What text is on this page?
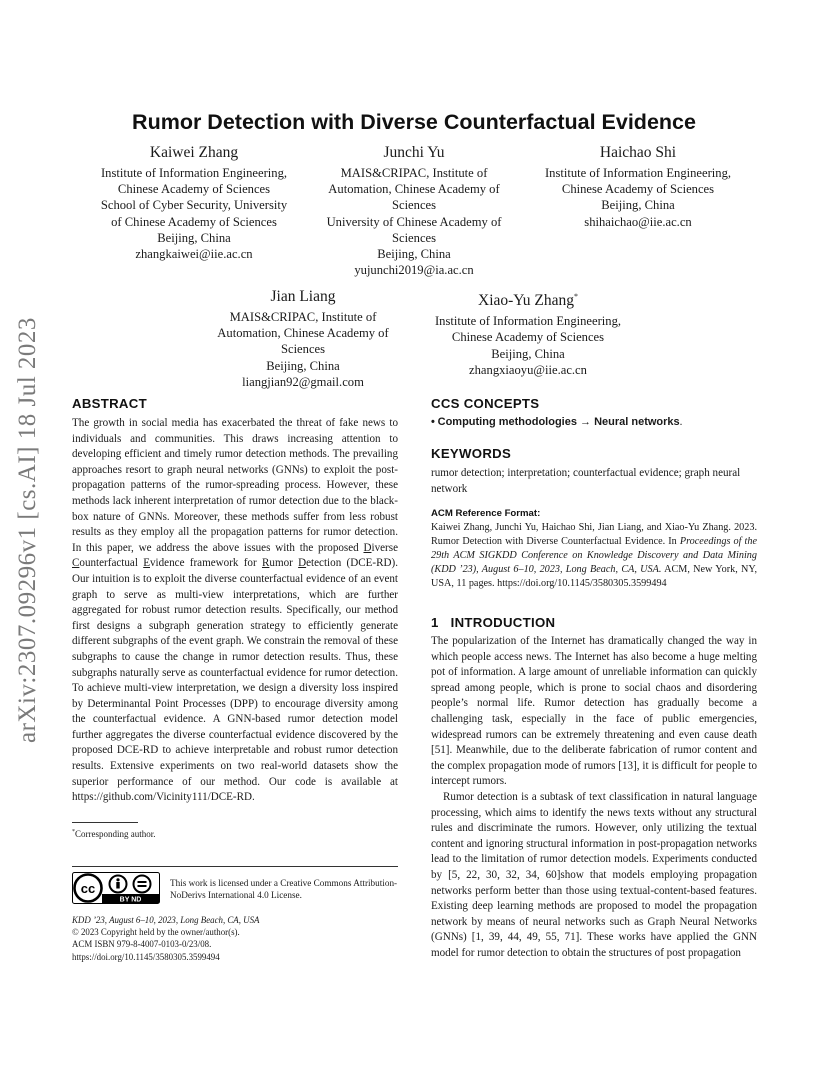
arXiv:2307.09296v1 [cs.AI] 18 Jul 2023
Rumor Detection with Diverse Counterfactual Evidence
Kaiwei Zhang
Institute of Information Engineering,
Chinese Academy of Sciences
School of Cyber Security, University
of Chinese Academy of Sciences
Beijing, China
zhangkaiwei@iie.ac.cn
Junchi Yu
MAIS&CRIPAC, Institute of
Automation, Chinese Academy of
Sciences
University of Chinese Academy of
Sciences
Beijing, China
yujunchi2019@ia.ac.cn
Haichao Shi
Institute of Information Engineering,
Chinese Academy of Sciences
Beijing, China
shihaichao@iie.ac.cn
Jian Liang
MAIS&CRIPAC, Institute of
Automation, Chinese Academy of
Sciences
Beijing, China
liangjian92@gmail.com
Xiao-Yu Zhang*
Institute of Information Engineering,
Chinese Academy of Sciences
Beijing, China
zhangxiaoyu@iie.ac.cn
ABSTRACT
The growth in social media has exacerbated the threat of fake news to individuals and communities. This draws increasing attention to developing efficient and timely rumor detection methods. The prevailing approaches resort to graph neural networks (GNNs) to exploit the post-propagation patterns of the rumor-spreading process. However, these methods lack inherent interpretation of rumor detection due to the black-box nature of GNNs. Moreover, these methods suffer from less robust results as they employ all the propagation patterns for rumor detection. In this paper, we address the above issues with the proposed Diverse Counterfactual Evidence framework for Rumor Detection (DCE-RD). Our intuition is to exploit the diverse counterfactual evidence of an event graph to serve as multi-view interpretations, which are further aggregated for robust rumor detection results. Specifically, our method first designs a subgraph generation strategy to efficiently generate different subgraphs of the event graph. We constrain the removal of these subgraphs to cause the change in rumor detection results. Thus, these subgraphs naturally serve as counterfactual evidence for rumor detection. To achieve multi-view interpretation, we design a diversity loss inspired by Determinantal Point Processes (DPP) to encourage diversity among the counterfactual evidence. A GNN-based rumor detection model further aggregates the diverse counterfactual evidence discovered by the proposed DCE-RD to achieve interpretable and robust rumor detection results. Extensive experiments on two real-world datasets show the superior performance of our method. Our code is available at https://github.com/Vicinity111/DCE-RD.
CCS CONCEPTS
• Computing methodologies → Neural networks.
KEYWORDS
rumor detection; interpretation; counterfactual evidence; graph neural network
ACM Reference Format:
Kaiwei Zhang, Junchi Yu, Haichao Shi, Jian Liang, and Xiao-Yu Zhang. 2023. Rumor Detection with Diverse Counterfactual Evidence. In Proceedings of the 29th ACM SIGKDD Conference on Knowledge Discovery and Data Mining (KDD ’23), August 6–10, 2023, Long Beach, CA, USA. ACM, New York, NY, USA, 11 pages. https://doi.org/10.1145/3580305.3599494
1 INTRODUCTION

The popularization of the Internet has dramatically changed the way in which people access news. The Internet has also become a huge melting pot of information. A large amount of unreliable information can quickly spread among people, which is prone to social chaos and disordering people’s normal life. Rumor detection has gradually become a challenging task, especially in the face of public emergencies, widespread rumors can be extremely threatening and even cause death [51]. Meanwhile, due to the deliberate fabrication of rumor content and the complex propagation mode of rumors [13], it is difficult for people to intercept rumors.

Rumor detection is a subtask of text classification in natural language processing, which aims to identify the news texts without any structural rules and discriminate the rumors. However, only utilizing the textual content and ignoring structural information in post-propagation networks lead to the limitation of rumor detection models. Experiments conducted by [5, 22, 30, 32, 34, 60]show that models employing propagation networks perform better than those using textual-content-based features. Existing deep learning methods are proposed to model the propagation network by means of neural networks such as Graph Neural Networks (GNNs) [1, 39, 44, 49, 55, 71]. These works have applied the GNN model for rumor detection to obtain the structures of post propagation

*Corresponding author.
cc
BY ND
This work is licensed under a Creative Commons Attribution-NoDerivs International 4.0 License.
KDD ’23, August 6–10, 2023, Long Beach, CA, USA
© 2023 Copyright held by the owner/author(s).
ACM ISBN 979-8-4007-0103-0/23/08.
https://doi.org/10.1145/3580305.3599494
